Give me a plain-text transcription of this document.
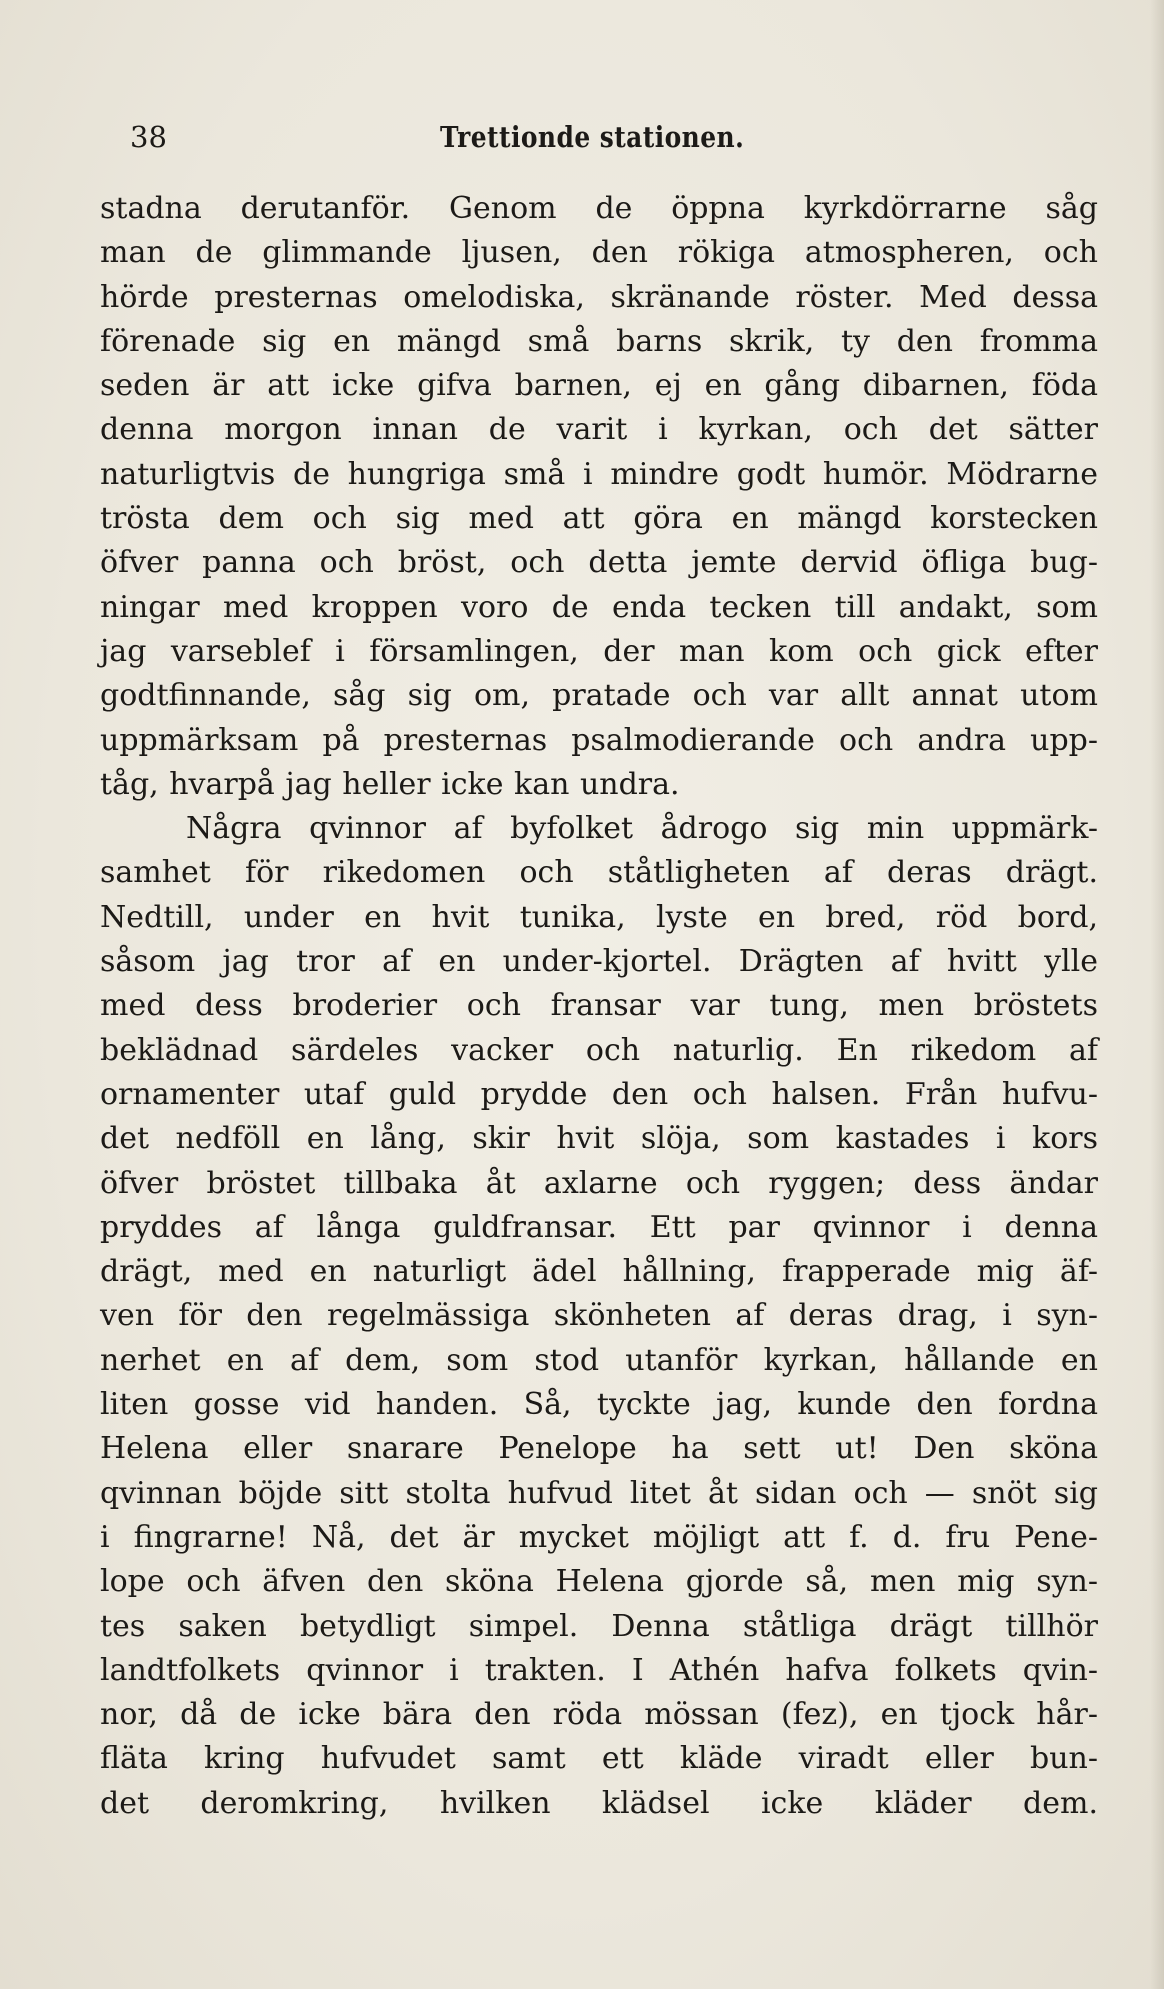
38	Trettionde stationen.
stadna derutanför. Genom de öppna kyrkdörrarne såg
man de glimmande ljusen, den rökiga atmospheren, och
hörde presternas omelodiska, skränande röster. Med dessa
förenade sig en mängd små barns skrik, ty den fromma
seden är att icke gifva barnen, ej en gång dibarnen, föda
denna morgon innan de varit i kyrkan, och det sätter
naturligtvis de hungriga små i mindre godt humör. Mödrarne
trösta dem och sig med att göra en mängd korstecken
öfver panna och bröst, och detta jemte dervid öfliga bug-
ningar med kroppen voro de enda tecken till andakt, som
jag varseblef i församlingen, der man kom och gick efter
godtfinnande, såg sig om, pratade och var allt annat utom
uppmärksam på presternas psalmodierande och andra upp-
tåg, hvarpå jag heller icke kan undra.
Några qvinnor af byfolket ådrogo sig min uppmärk-
samhet för rikedomen och ståtligheten af deras drägt.
Nedtill, under en hvit tunika, lyste en bred, röd bord,
såsom jag tror af en under-kjortel. Drägten af hvitt ylle
med dess broderier och fransar var tung, men bröstets
beklädnad särdeles vacker och naturlig. En rikedom af
ornamenter utaf guld prydde den och halsen. Från hufvu-
det nedföll en lång, skir hvit slöja, som kastades i kors
öfver bröstet tillbaka åt axlarne och ryggen; dess ändar
pryddes af långa guldfransar. Ett par qvinnor i denna
drägt, med en naturligt ädel hållning, frapperade mig äf-
ven för den regelmässiga skönheten af deras drag, i syn-
nerhet en af dem, som stod utanför kyrkan, hållande en
liten gosse vid handen. Så, tyckte jag, kunde den fordna
Helena eller snarare Penelope ha sett ut! Den sköna
qvinnan böjde sitt stolta hufvud litet åt sidan och — snöt sig
i fingrarne! Nå, det är mycket möjligt att f. d. fru Pene-
lope och äfven den sköna Helena gjorde så, men mig syn-
tes saken betydligt simpel. Denna ståtliga drägt tillhör
landtfolkets qvinnor i trakten. I Athén hafva folkets qvin-
nor, då de icke bära den röda mössan (fez), en tjock hår-
fläta kring hufvudet samt ett kläde viradt eller bun-
det deromkring, hvilken klädsel icke kläder dem.
